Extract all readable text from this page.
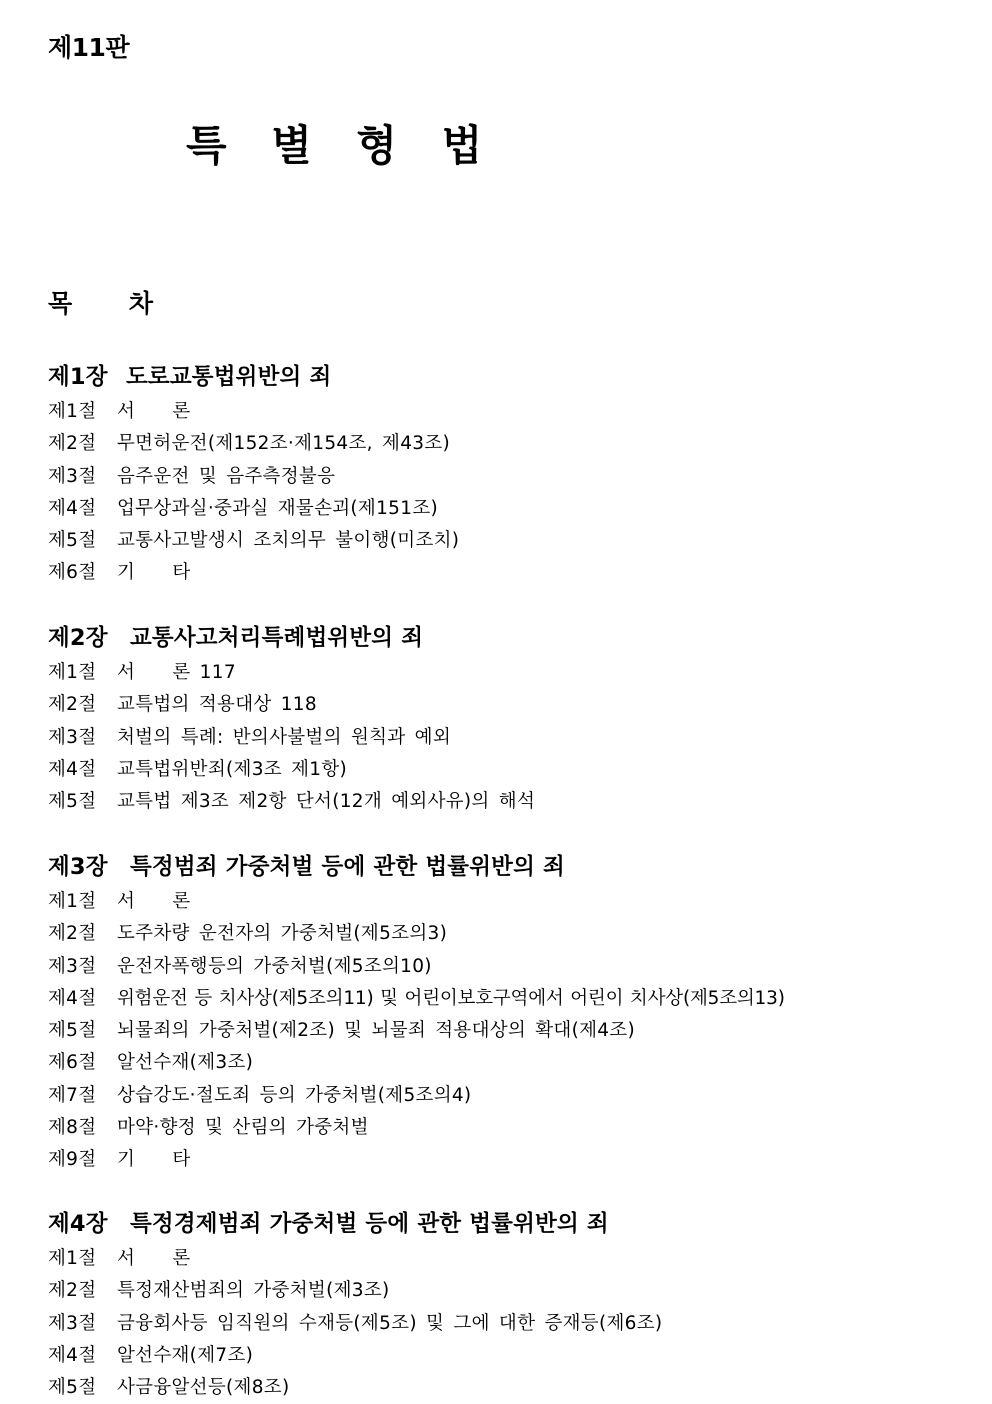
제11판
특 별 형 법
목 차
제1장 도로교통법위반의 죄
제1절 서 　 론
제2절 무면허운전(제152조·제154조, 제43조)
제3절 음주운전 및 음주측정불응
제4절 업무상과실·중과실 재물손괴(제151조)
제5절 교통사고발생시 조치의무 불이행(미조치)
제6절 기 　 타
제2장 교통사고처리특례법위반의 죄
제1절 서 　 론 117
제2절 교특법의 적용대상 118
제3절 처벌의 특례: 반의사불벌의 원칙과 예외
제4절 교특법위반죄(제3조 제1항)
제5절 교특법 제3조 제2항 단서(12개 예외사유)의 해석
제3장 특정범죄 가중처벌 등에 관한 법률위반의 죄
제1절 서 　 론
제2절 도주차량 운전자의 가중처벌(제5조의3)
제3절 운전자폭행등의 가중처벌(제5조의10)
제4절 위험운전 등 치사상(제5조의11) 및 어린이보호구역에서 어린이 치사상(제5조의13)
제5절 뇌물죄의 가중처벌(제2조) 및 뇌물죄 적용대상의 확대(제4조)
제6절 알선수재(제3조)
제7절 상습강도·절도죄 등의 가중처벌(제5조의4)
제8절 마약·향정 및 산림의 가중처벌
제9절 기 　 타
제4장 특정경제범죄 가중처벌 등에 관한 법률위반의 죄
제1절 서 　 론
제2절 특정재산범죄의 가중처벌(제3조)
제3절 금융회사등 임직원의 수재등(제5조) 및 그에 대한 증재등(제6조)
제4절 알선수재(제7조)
제5절 사금융알선등(제8조)
